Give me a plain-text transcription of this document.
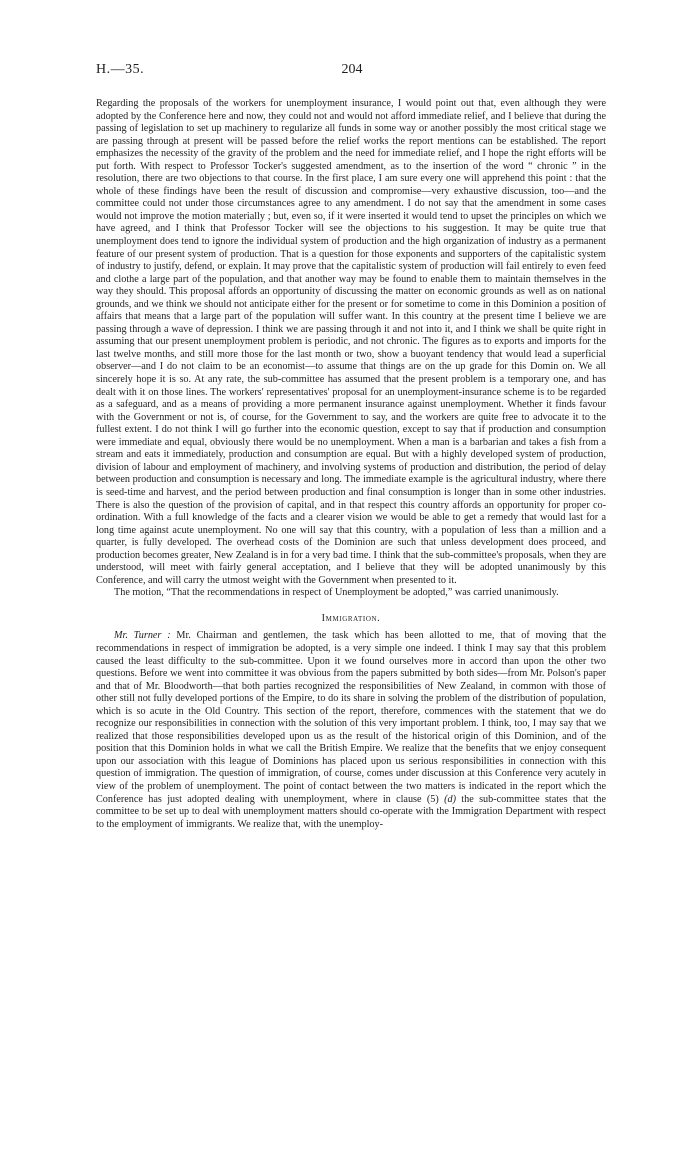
H.—35.	204

Regarding the proposals of the workers for unemployment insurance, I would point out that, even although they were adopted by the Conference here and now, they could not and would not afford immediate relief, and I believe that during the passing of legislation to set up machinery to regularize all funds in some way or another possibly the most critical stage we are passing through at present will be passed before the relief works the report mentions can be established. The report emphasizes the necessity of the gravity of the problem and the need for immediate relief, and I hope the right efforts will be put forth. With respect to Professor Tocker's suggested amendment, as to the insertion of the word “ chronic ” in the resolution, there are two objections to that course. In the first place, I am sure every one will apprehend this point : that the whole of these findings have been the result of discussion and compromise—very exhaustive discussion, too—and the committee could not under those circumstances agree to any amendment. I do not say that the amendment in some cases would not improve the motion materially ; but, even so, if it were inserted it would tend to upset the principles on which we have agreed, and I think that Professor Tocker will see the objections to his suggestion. It may be quite true that unemployment does tend to ignore the individual system of production and the high organization of industry as a permanent feature of our present system of production. That is a question for those exponents and supporters of the capitalistic system of industry to justify, defend, or explain. It may prove that the capitalistic system of production will fail entirely to even feed and clothe a large part of the population, and that another way may be found to enable them to maintain themselves in the way they should. This proposal affords an opportunity of discussing the matter on economic grounds as well as on national grounds, and we think we should not anticipate either for the present or for sometime to come in this Dominion a position of affairs that means that a large part of the population will suffer want. In this country at the present time I believe we are passing through a wave of depression. I think we are passing through it and not into it, and I think we shall be quite right in assuming that our present unemployment problem is periodic, and not chronic. The figures as to exports and imports for the last twelve months, and still more those for the last month or two, show a buoyant tendency that would lead a superficial observer—and I do not claim to be an economist—to assume that things are on the up grade for this Domin on. We all sincerely hope it is so. At any rate, the sub-committee has assumed that the present problem is a temporary one, and has dealt with it on those lines. The workers' representatives' proposal for an unemployment-insurance scheme is to be regarded as a safeguard, and as a means of providing a more permanent insurance against unemployment. Whether it finds favour with the Government or not is, of course, for the Government to say, and the workers are quite free to advocate it to the fullest extent. I do not think I will go further into the economic question, except to say that if production and consumption were immediate and equal, obviously there would be no unemployment. When a man is a barbarian and takes a fish from a stream and eats it immediately, production and consumption are equal. But with a highly developed system of production, division of labour and employment of machinery, and involving systems of production and distribution, the period of delay between production and consumption is necessary and long. The immediate example is the agricultural industry, where there is seed-time and harvest, and the period between production and final consumption is longer than in some other industries. There is also the question of the provision of capital, and in that respect this country affords an opportunity for proper co-ordination. With a full knowledge of the facts and a clearer vision we would be able to get a remedy that would last for a long time against acute unemployment. No one will say that this country, with a population of less than a million and a quarter, is fully developed. The overhead costs of the Dominion are such that unless development does proceed, and production becomes greater, New Zealand is in for a very bad time. I think that the sub-committee's proposals, when they are understood, will meet with fairly general acceptation, and I believe that they will be adopted unanimously by this Conference, and will carry the utmost weight with the Government when presented to it.

The motion, “That the recommendations in respect of Unemployment be adopted,” was carried unanimously.

Immigration.

Mr. Turner : Mr. Chairman and gentlemen, the task which has been allotted to me, that of moving that the recommendations in respect of immigration be adopted, is a very simple one indeed. I think I may say that this problem caused the least difficulty to the sub-committee. Upon it we found ourselves more in accord than upon the other two questions. Before we went into committee it was obvious from the papers submitted by both sides—from Mr. Polson's paper and that of Mr. Bloodworth—that both parties recognized the responsibilities of New Zealand, in common with those of other still not fully developed portions of the Empire, to do its share in solving the problem of the distribution of population, which is so acute in the Old Country. This section of the report, therefore, commences with the statement that we do recognize our responsibilities in connection with the solution of this very important problem. I think, too, I may say that we realized that those responsibilities developed upon us as the result of the historical origin of this Dominion, and of the position that this Dominion holds in what we call the British Empire. We realize that the benefits that we enjoy consequent upon our association with this league of Dominions has placed upon us serious responsibilities in connection with this question of immigration. The question of immigration, of course, comes under discussion at this Conference very acutely in view of the problem of unemployment. The point of contact between the two matters is indicated in the report which the Conference has just adopted dealing with unemployment, where in clause (5) (d) the sub-committee states that the committee to be set up to deal with unemployment matters should co-operate with the Immigration Department with respect to the employment of immigrants. We realize that, with the unemploy-
